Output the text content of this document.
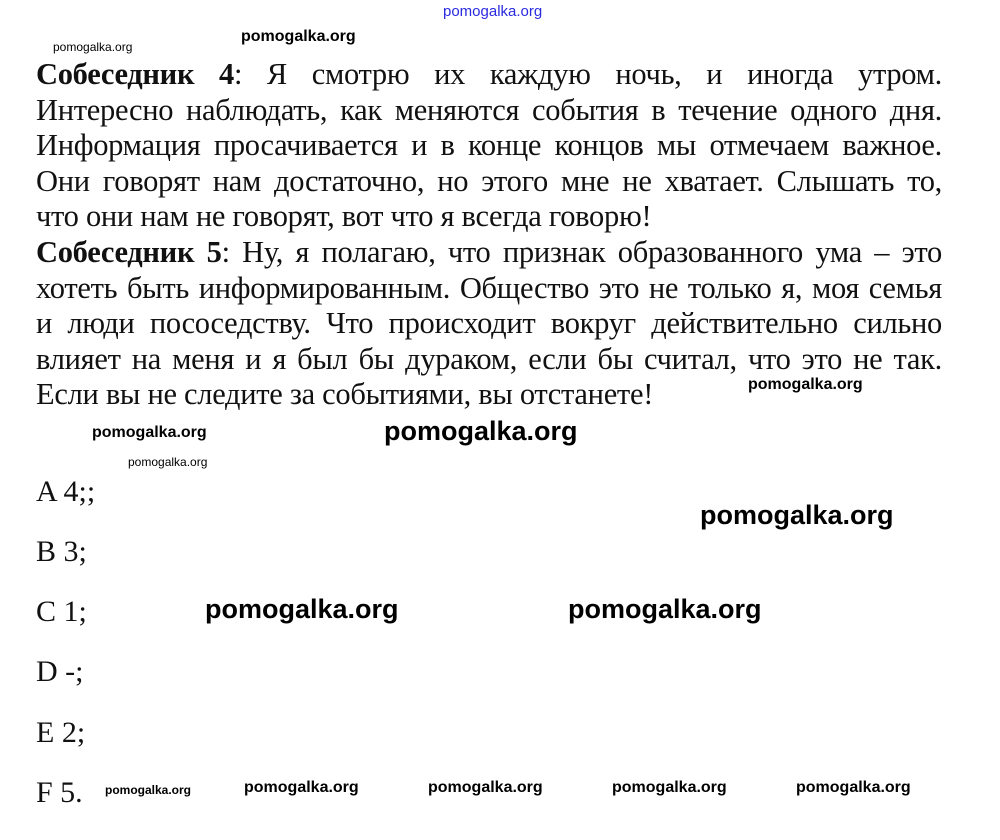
pomogalka.org
Собеседник 4: Я смотрю их каждую ночь, и иногда утром.
Интересно наблюдать, как меняются события в течение одного дня.
Информация просачивается и в конце концов мы отмечаем важное.
Они говорят нам достаточно, но этого мне не хватает. Слышать то,
что они нам не говорят, вот что я всегда говорю!
Собеседник 5: Ну, я полагаю, что признак образованного ума – это
хотеть быть информированным. Общество это не только я, моя семья
и люди пососедству. Что происходит вокруг действительно сильно
влияет на меня и я был бы дураком, если бы считал, что это не так.
Если вы не следите за событиями, вы отстанете!
A 4;;
B 3;
C 1;
D -;
E 2;
F 5.
pomogalka.org
pomogalka.org
pomogalka.org
pomogalka.org
pomogalka.org
pomogalka.org	pomogalka.org
pomogalka.org	pomogalka.org
pomogalka.org	pomogalka.org	pomogalka.org	pomogalka.org	pomogalka.org
